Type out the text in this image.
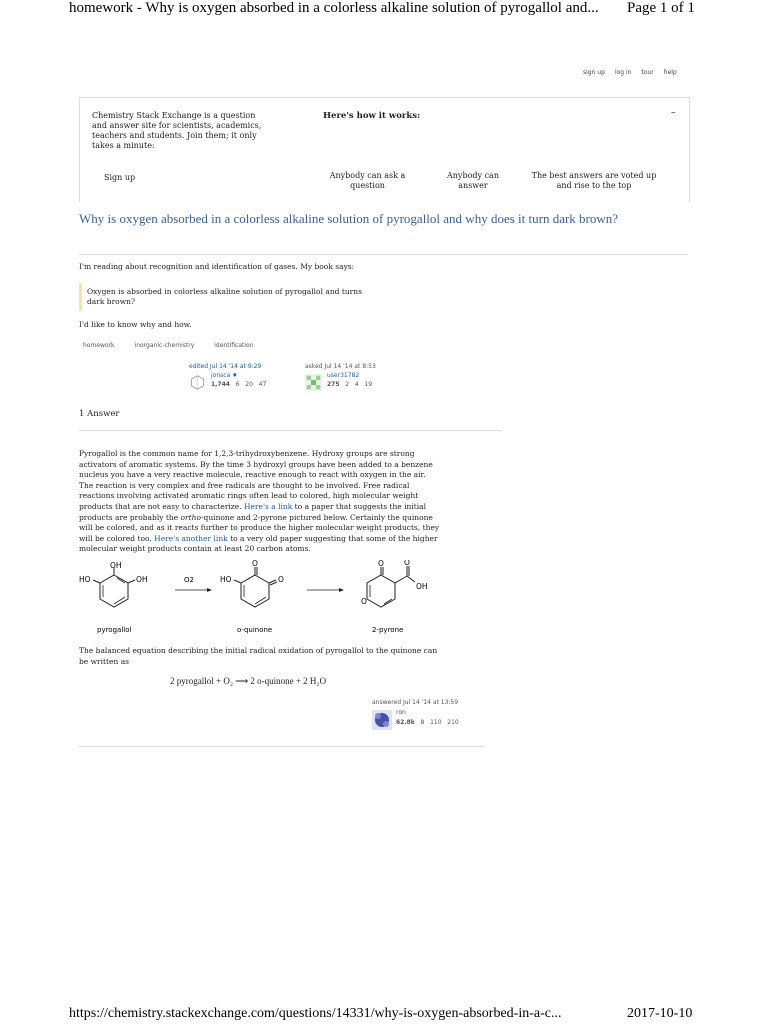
homework - Why is oxygen absorbed in a colorless alkaline solution of pyrogallol and... Page 1 of 1
sign up log in tour help
Chemistry Stack Exchange is a question and answer site for scientists, academics, teachers and students. Join them; it only takes a minute:
Here's how it works:	–
Sign up	Anybody can ask a question
Anybody can answer
The best answers are voted up and rise to the top
Why is oxygen absorbed in a colorless alkaline solution of pyrogallol and why does it turn dark brown?
I'm reading about recognition and identification of gases. My book says:
Oxygen is absorbed in colorless alkaline solution of pyrogallol and turns dark brown?
I'd like to know why and how.
homework	inorganic-chemistry	identification
edited Jul 14 '14 at 9:29
jonsca ♦
1,744 6 20 47
asked Jul 14 '14 at 8:53
user31782
275 2 4 19
1 Answer
Pyrogallol is the common name for 1,2,3-trihydroxybenzene. Hydroxy groups are strong activators of aromatic systems. By the time 3 hydroxyl groups have been added to a benzene nucleus you have a very reactive molecule, reactive enough to react with oxygen in the air. The reaction is very complex and free radicals are thought to be involved. Free radical reactions involving activated aromatic rings often lead to colored, high molecular weight products that are not easy to characterize. Here's a link to a paper that suggests the initial products are probably the ortho-quinone and 2-pyrone pictured below. Certainly the quinone will be colored, and as it reacts further to produce the higher molecular weight products, they will be colored too. Here's another link to a very old paper suggesting that some of the higher molecular weight products contain at least 20 carbon atoms.
OH
HO	OH
pyrogallol
O2
O
O
HO
o-quinone
O	O
O
OH
2-pyrone
The balanced equation describing the initial radical oxidation of pyrogallol to the quinone can be written as
2 pyrogallol + O₂ ⟶ 2 o-quinone + 2 H₂O
answered Jul 14 '14 at 13:59
ron
62.8k 8 110 210
https://chemistry.stackexchange.com/questions/14331/why-is-oxygen-absorbed-in-a-c...	2017-10-10
